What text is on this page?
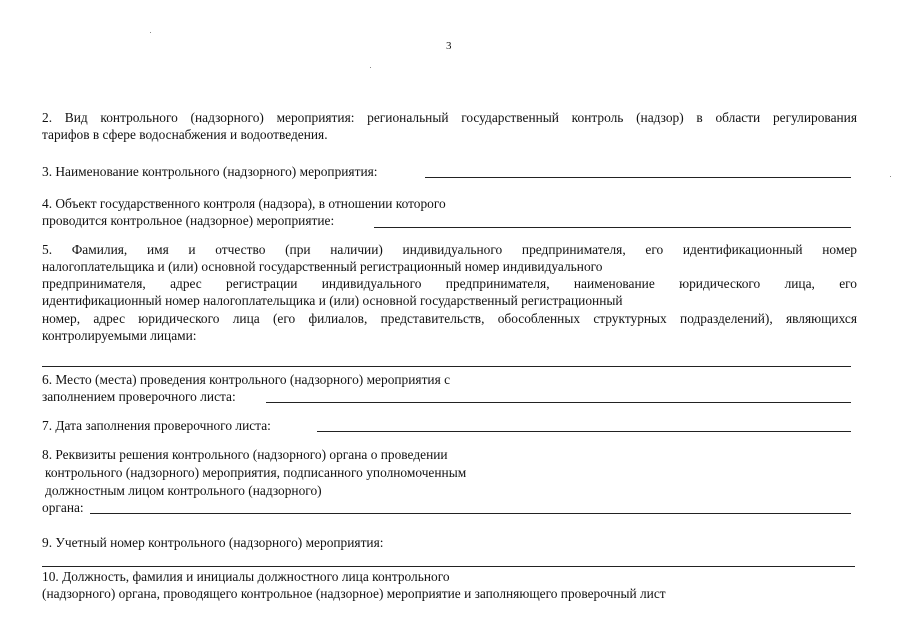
3
2. Вид контрольного (надзорного) мероприятия: региональный государственный контроль (надзор) в области регулирования
тарифов в сфере водоснабжения и водоотведения.
3. Наименование контрольного (надзорного) мероприятия:
4. Объект государственного контроля (надзора), в отношении которого
проводится контрольное (надзорное) мероприятие:
5. Фамилия, имя и отчество (при наличии) индивидуального предпринимателя, его идентификационный номер
налогоплательщика и (или) основной государственный регистрационный номер индивидуального
предпринимателя, адрес регистрации индивидуального предпринимателя, наименование юридического лица, его
идентификационный номер налогоплательщика и (или) основной государственный регистрационный
номер, адрес юридического лица (его филиалов, представительств, обособленных структурных подразделений), являющихся
контролируемыми лицами:
6. Место (места) проведения контрольного (надзорного) мероприятия с
заполнением проверочного листа:
7. Дата заполнения проверочного листа:
8. Реквизиты решения контрольного (надзорного) органа о проведении
контрольного (надзорного) мероприятия, подписанного уполномоченным
должностным лицом контрольного (надзорного)
органа:
9. Учетный номер контрольного (надзорного) мероприятия:
10. Должность, фамилия и инициалы должностного лица контрольного
(надзорного) органа, проводящего контрольное (надзорное) мероприятие и заполняющего проверочный лист
